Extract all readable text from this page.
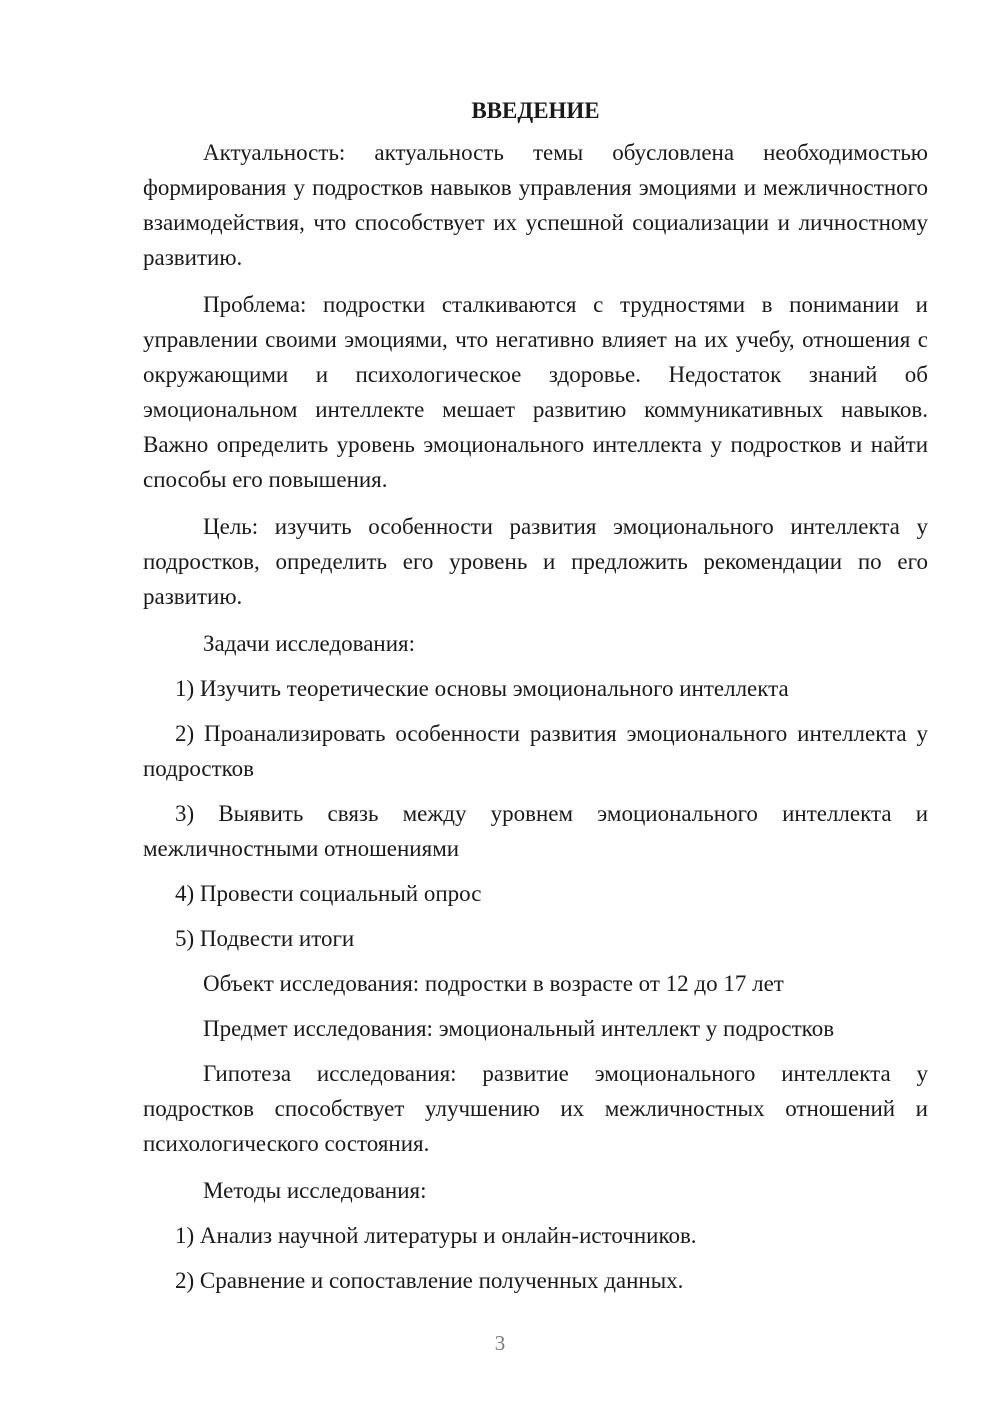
ВВЕДЕНИЕ

Актуальность: актуальность темы обусловлена необходимостью формирования у подростков навыков управления эмоциями и межличностного взаимодействия, что способствует их успешной социализации и личностному развитию.

Проблема: подростки сталкиваются с трудностями в понимании и управлении своими эмоциями, что негативно влияет на их учебу, отношения с окружающими и психологическое здоровье. Недостаток знаний об эмоциональном интеллекте мешает развитию коммуникативных навыков. Важно определить уровень эмоционального интеллекта у подростков и найти способы его повышения.

Цель: изучить особенности развития эмоционального интеллекта у подростков, определить его уровень и предложить рекомендации по его развитию.

Задачи исследования:

1) Изучить теоретические основы эмоционального интеллекта

2) Проанализировать особенности развития эмоционального интеллекта у подростков

3) Выявить связь между уровнем эмоционального интеллекта и межличностными отношениями

4) Провести социальный опрос

5) Подвести итоги

Объект исследования: подростки в возрасте от 12 до 17 лет

Предмет исследования: эмоциональный интеллект у подростков

Гипотеза исследования: развитие эмоционального интеллекта у подростков способствует улучшению их межличностных отношений и психологического состояния.

Методы исследования:

1) Анализ научной литературы и онлайн-источников.

2) Сравнение и сопоставление полученных данных.

3
